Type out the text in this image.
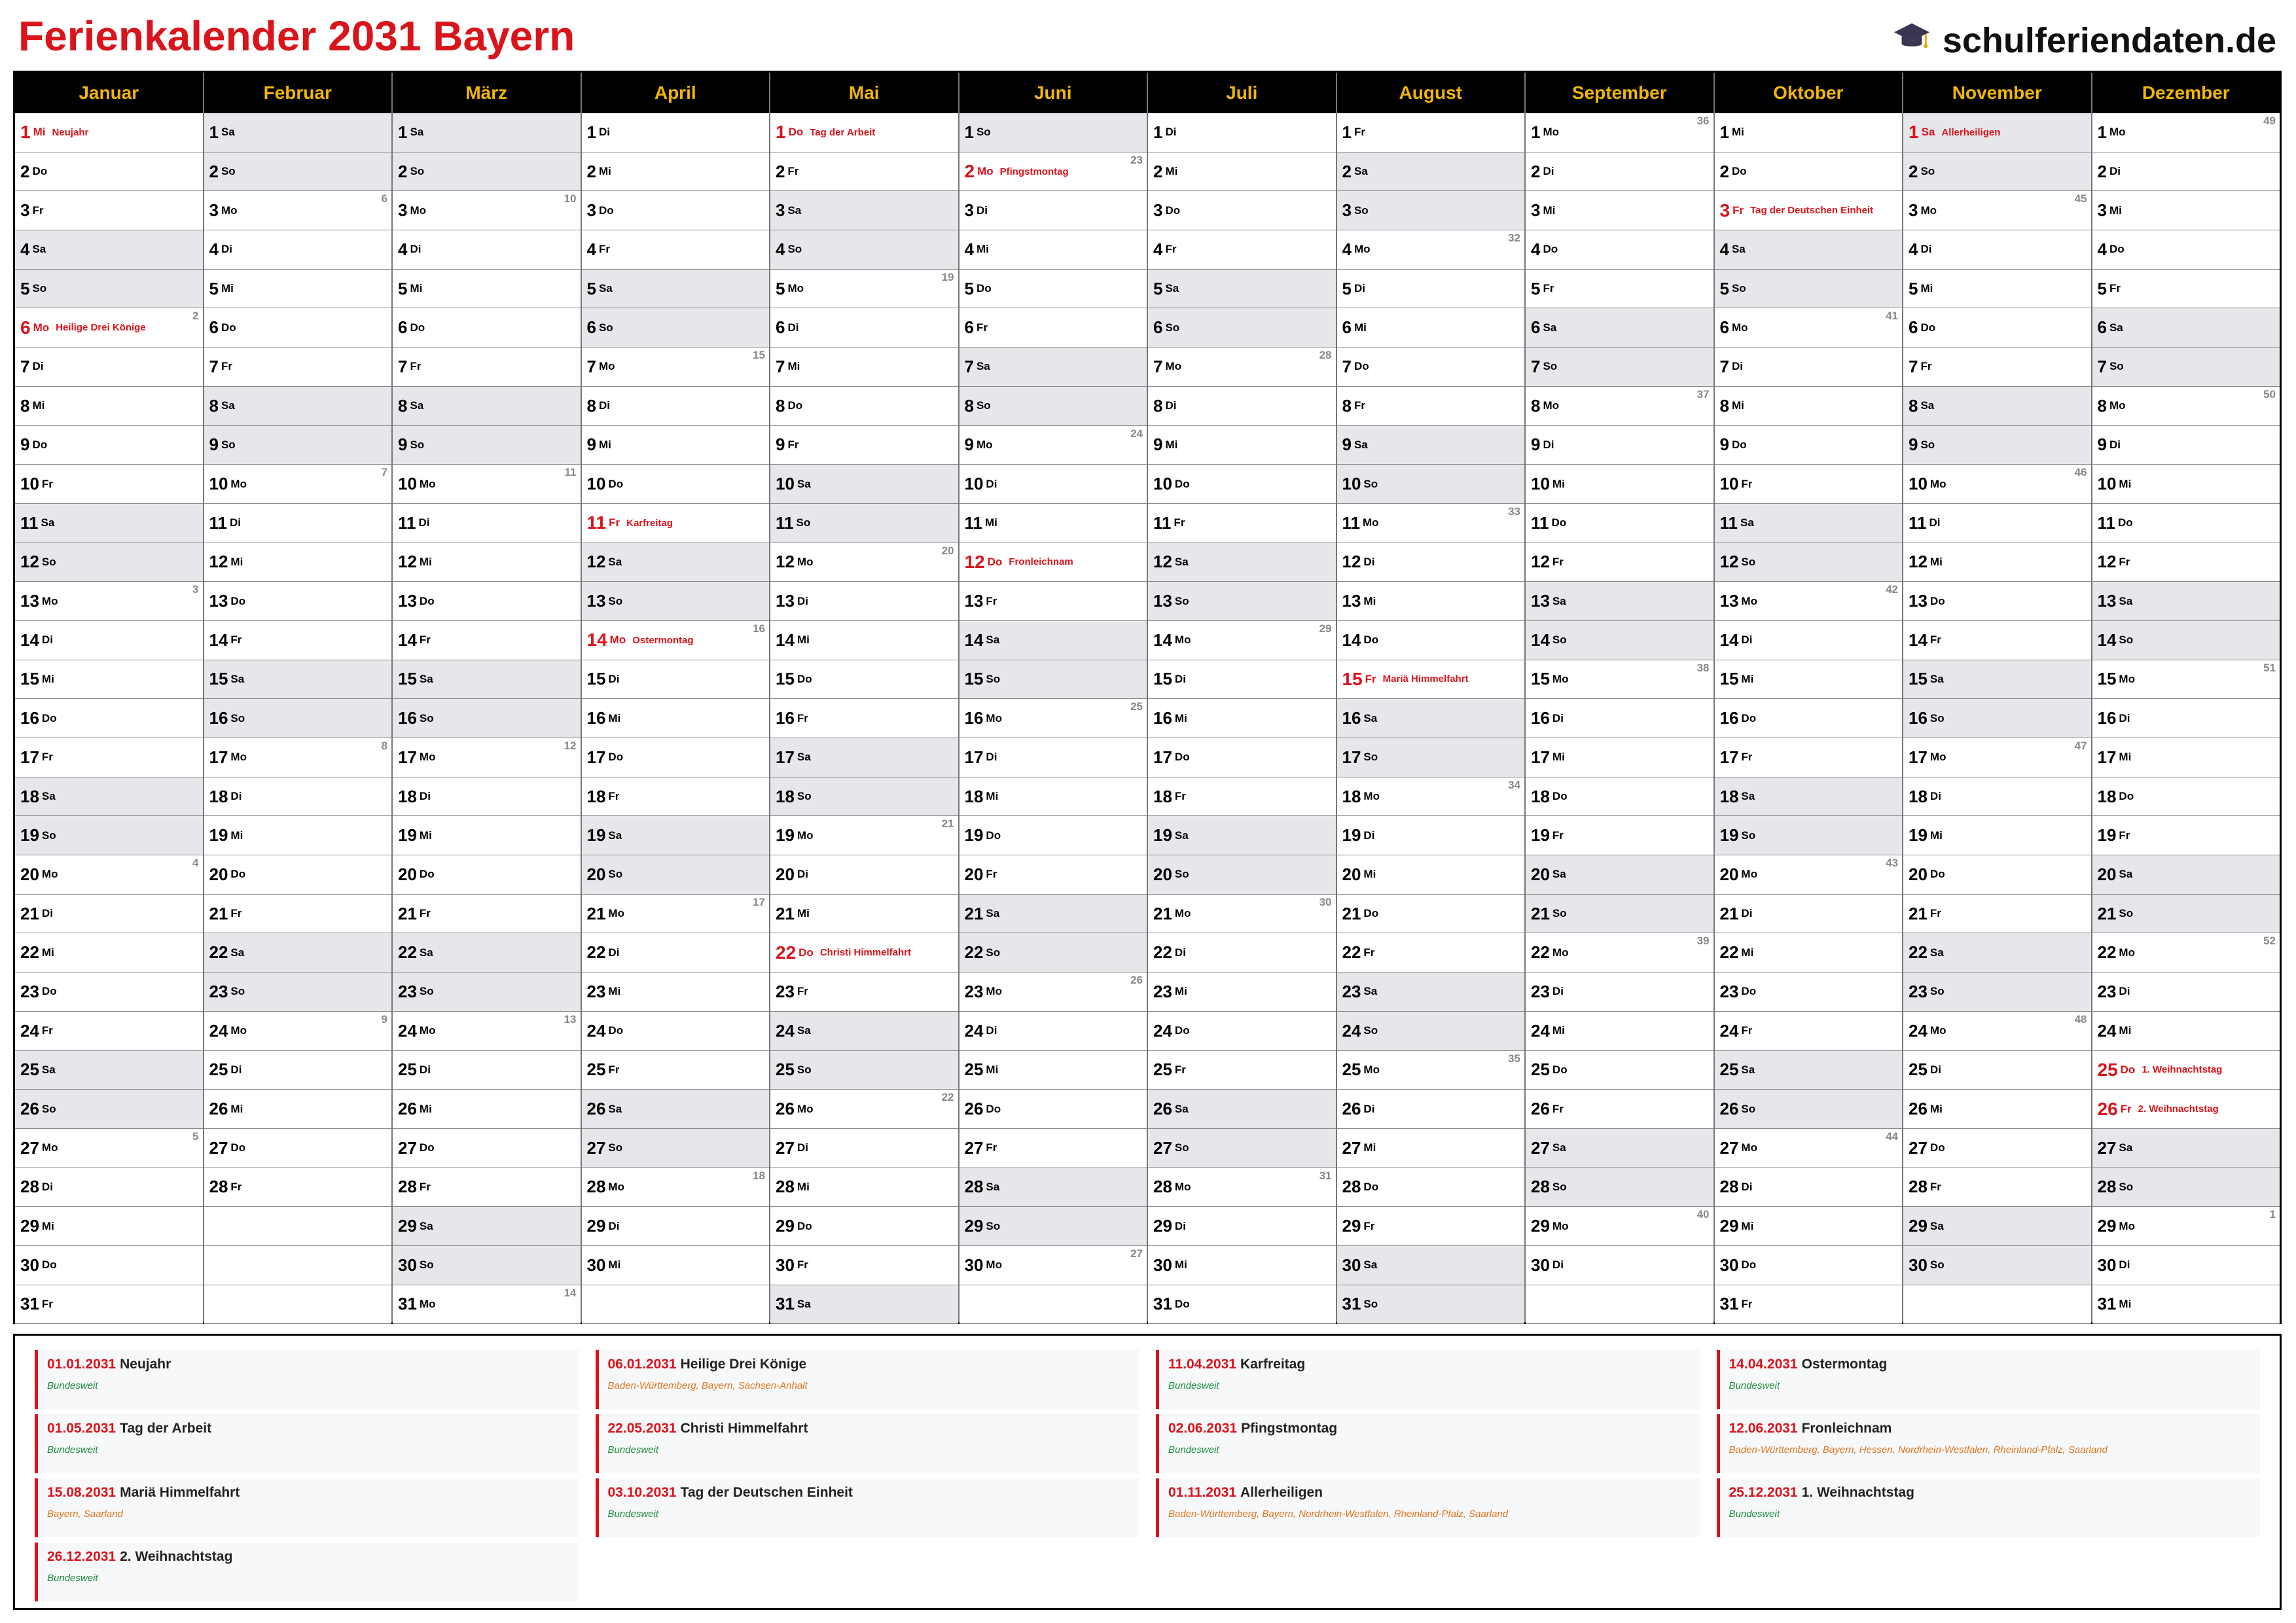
Ferienkalender 2031 Bayern	schulferiendaten.de
Januar
1 Mi Neujahr
2 Do
3 Fr
4 Sa
5 So
6 Mo Heilige Drei Könige
2
7 Di
8 Mi
9 Do
10 Fr
11 Sa
12 So
13 Mo
3
14 Di
15 Mi
16 Do
17 Fr
18 Sa
19 So
20 Mo
4
21 Di
22 Mi
23 Do
24 Fr
25 Sa
26 So
27 Mo
5
28 Di
29 Mi
30 Do
31 Fr
Februar
1 Sa
2 So
3 Mo
6
4 Di
5 Mi
6 Do
7 Fr
8 Sa
9 So
10 Mo
7
11 Di
12 Mi
13 Do
14 Fr
15 Sa
16 So
17 Mo
8
18 Di
19 Mi
20 Do
21 Fr
22 Sa
23 So
24 Mo
9
25 Di
26 Mi
27 Do
28 Fr
März
1 Sa
2 So
3 Mo
10
4 Di
5 Mi
6 Do
7 Fr
8 Sa
9 So
10 Mo
11
11 Di
12 Mi
13 Do
14 Fr
15 Sa
16 So
17 Mo
12
18 Di
19 Mi
20 Do
21 Fr
22 Sa
23 So
24 Mo
13
25 Di
26 Mi
27 Do
28 Fr
29 Sa
30 So
31 Mo
14
April
1 Di
2 Mi
3 Do
4 Fr
5 Sa
6 So
7 Mo
15
8 Di
9 Mi
10 Do
11 Fr Karfreitag
12 Sa
13 So
14 Mo Ostermontag
16
15 Di
16 Mi
17 Do
18 Fr
19 Sa
20 So
21 Mo
17
22 Di
23 Mi
24 Do
25 Fr
26 Sa
27 So
28 Mo
18
29 Di
30 Mi
Mai
1 Do Tag der Arbeit
2 Fr
3 Sa
4 So
5 Mo
19
6 Di
7 Mi
8 Do
9 Fr
10 Sa
11 So
12 Mo
20
13 Di
14 Mi
15 Do
16 Fr
17 Sa
18 So
19 Mo
21
20 Di
21 Mi
22 Do Christi Himmelfahrt
23 Fr
24 Sa
25 So
26 Mo
22
27 Di
28 Mi
29 Do
30 Fr
31 Sa
Juni
1 So
2 Mo Pfingstmontag
23
3 Di
4 Mi
5 Do
6 Fr
7 Sa
8 So
9 Mo
24
10 Di
11 Mi
12 Do Fronleichnam
13 Fr
14 Sa
15 So
16 Mo
25
17 Di
18 Mi
19 Do
20 Fr
21 Sa
22 So
23 Mo
26
24 Di
25 Mi
26 Do
27 Fr
28 Sa
29 So
30 Mo
27
Juli
1 Di
2 Mi
3 Do
4 Fr
5 Sa
6 So
7 Mo
28
8 Di
9 Mi
10 Do
11 Fr
12 Sa
13 So
14 Mo
29
15 Di
16 Mi
17 Do
18 Fr
19 Sa
20 So
21 Mo
30
22 Di
23 Mi
24 Do
25 Fr
26 Sa
27 So
28 Mo
31
29 Di
30 Mi
31 Do
August
1 Fr
2 Sa
3 So
4 Mo
32
5 Di
6 Mi
7 Do
8 Fr
9 Sa
10 So
11 Mo
33
12 Di
13 Mi
14 Do
15 Fr Mariä Himmelfahrt
16 Sa
17 So
18 Mo
34
19 Di
20 Mi
21 Do
22 Fr
23 Sa
24 So
25 Mo
35
26 Di
27 Mi
28 Do
29 Fr
30 Sa
31 So
September
1 Mo
36
2 Di
3 Mi
4 Do
5 Fr
6 Sa
7 So
8 Mo
37
9 Di
10 Mi
11 Do
12 Fr
13 Sa
14 So
15 Mo
38
16 Di
17 Mi
18 Do
19 Fr
20 Sa
21 So
22 Mo
39
23 Di
24 Mi
25 Do
26 Fr
27 Sa
28 So
29 Mo
40
30 Di
Oktober
1 Mi
2 Do
3 Fr Tag der Deutschen Einheit
4 Sa
5 So
6 Mo
41
7 Di
8 Mi
9 Do
10 Fr
11 Sa
12 So
13 Mo
42
14 Di
15 Mi
16 Do
17 Fr
18 Sa
19 So
20 Mo
43
21 Di
22 Mi
23 Do
24 Fr
25 Sa
26 So
27 Mo
44
28 Di
29 Mi
30 Do
31 Fr
November
1 Sa Allerheiligen
2 So
3 Mo
45
4 Di
5 Mi
6 Do
7 Fr
8 Sa
9 So
10 Mo
46
11 Di
12 Mi
13 Do
14 Fr
15 Sa
16 So
17 Mo
47
18 Di
19 Mi
20 Do
21 Fr
22 Sa
23 So
24 Mo
48
25 Di
26 Mi
27 Do
28 Fr
29 Sa
30 So
Dezember
1 Mo
49
2 Di
3 Mi
4 Do
5 Fr
6 Sa
7 So
8 Mo
50
9 Di
10 Mi
11 Do
12 Fr
13 Sa
14 So
15 Mo
51
16 Di
17 Mi
18 Do
19 Fr
20 Sa
21 So
22 Mo
52
23 Di
24 Mi
25 Do 1. Weihnachtstag
26 Fr 2. Weihnachtstag
27 Sa
28 So
29 Mo
1
30 Di
31 Mi
01.01.2031 Neujahr
Bundesweit
06.01.2031 Heilige Drei Könige
Baden-Württemberg, Bayern, Sachsen-Anhalt
11.04.2031 Karfreitag
Bundesweit
14.04.2031 Ostermontag
Bundesweit
01.05.2031 Tag der Arbeit
Bundesweit
22.05.2031 Christi Himmelfahrt
Bundesweit
02.06.2031 Pfingstmontag
Bundesweit
12.06.2031 Fronleichnam
Baden-Württemberg, Bayern, Hessen, Nordrhein-Westfalen, Rheinland-Pfalz, Saarland
15.08.2031 Mariä Himmelfahrt
Bayern, Saarland
03.10.2031 Tag der Deutschen Einheit
Bundesweit
01.11.2031 Allerheiligen
Baden-Württemberg, Bayern, Nordrhein-Westfalen, Rheinland-Pfalz, Saarland
25.12.2031 1. Weihnachtstag
Bundesweit
26.12.2031 2. Weihnachtstag
Bundesweit
